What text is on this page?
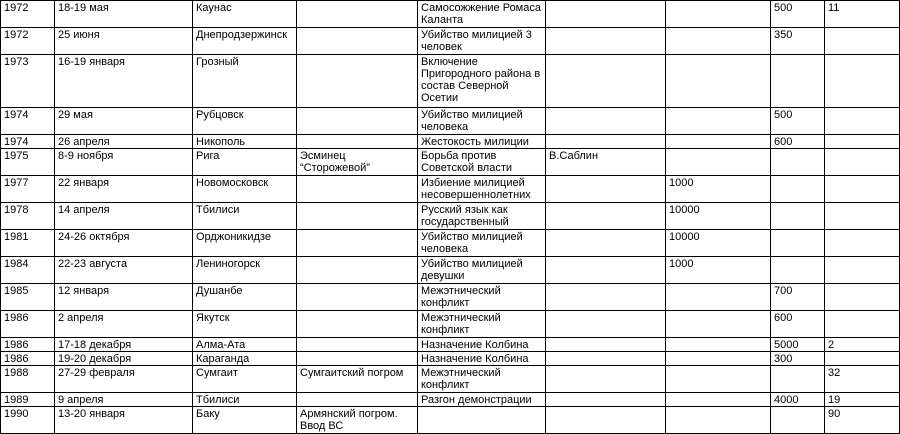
1972	18-19 мая	Каунас		Самосожжение Ромаса Каланта			500	11
1972	25 июня	Днепродзержинск		Убийство милицией 3 человек			350	
1973	16-19 января	Грозный		Включение Пригородного района в состав Северной Осетии				
1974	29 мая	Рубцовск		Убийство милицией человека			500	
1974	26 апреля	Никополь		Жестокость милиции			600	
1975	8-9 ноября	Рига	Эсминец “Сторожевой”	Борьба против Советской власти	В.Саблин			
1977	22 января	Новомосковск		Избиение милицией несовершеннолетних		1000		
1978	14 апреля	Тбилиси		Русский язык как государственный		10000		
1981	24-26 октября	Орджоникидзе		Убийство милицией человека		10000		
1984	22-23 августа	Лениногорск		Убийство милицией девушки		1000		
1985	12 января	Душанбе		Межэтнический конфликт			700	
1986	2 апреля	Якутск		Межэтнический конфликт			600	
1986	17-18 декабря	Алма-Ата		Назначение Колбина			5000	2
1986	19-20 декабря	Караганда		Назначение Колбина			300	
1988	27-29 февраля	Сумгаит	Сумгаитский погром	Межэтнический конфликт				32
1989	9 апреля	Тбилиси		Разгон демонстрации			4000	19
1990	13-20 января	Баку	Армянский погром. Ввод ВС					90
